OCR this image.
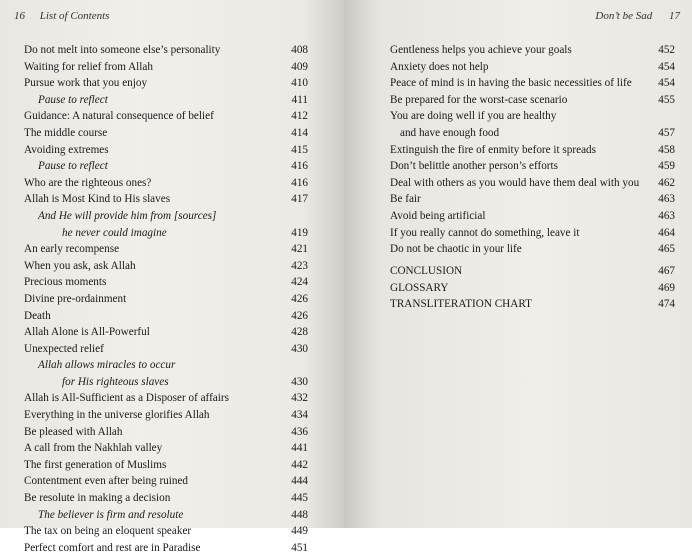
16 List of Contents
Do not melt into someone else’s personality	408
Waiting for relief from Allah	409
Pursue work that you enjoy	410
Pause to reflect	411
Guidance: A natural consequence of belief	412
The middle course	414
Avoiding extremes	415
Pause to reflect	416
Who are the righteous ones?	416
Allah is Most Kind to His slaves	417
And He will provide him from [sources]
he never could imagine	419
An early recompense	421
When you ask, ask Allah	423
Precious moments	424
Divine pre-ordainment	426
Death	426
Allah Alone is All-Powerful	428
Unexpected relief	430
Allah allows miracles to occur
for His righteous slaves	430
Allah is All-Sufficient as a Disposer of affairs	432
Everything in the universe glorifies Allah	434
Be pleased with Allah	436
A call from the Nakhlah valley	441
The first generation of Muslims	442
Contentment even after being ruined	444
Be resolute in making a decision	445
The believer is firm and resolute	448
The tax on being an eloquent speaker	449
Perfect comfort and rest are in Paradise	451
Don’t be Sad 17
Gentleness helps you achieve your goals	452
Anxiety does not help	454
Peace of mind is in having the basic necessities of life	454
Be prepared for the worst-case scenario	455
You are doing well if you are healthy
and have enough food	457
Extinguish the fire of enmity before it spreads	458
Don’t belittle another person’s efforts	459
Deal with others as you would have them deal with you	462
Be fair	463
Avoid being artificial	463
If you really cannot do something, leave it	464
Do not be chaotic in your life	465
CONCLUSION	467
GLOSSARY	469
TRANSLITERATION CHART	474
